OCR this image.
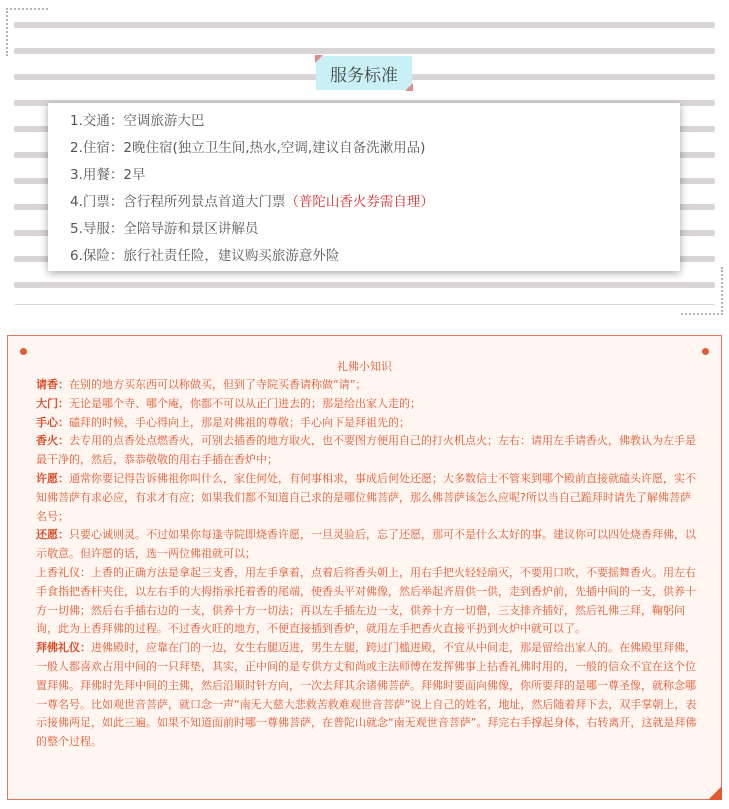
服务标准
1.交通：空调旅游大巴
2.住宿：2晚住宿(独立卫生间,热水,空调,建议自备洗漱用品)
3.用餐：2早
4.门票：含行程所列景点首道大门票（普陀山香火券需自理）
5.导服：全陪导游和景区讲解员
6.保险：旅行社责任险，建议购买旅游意外险
礼佛小知识

请香：在别的地方买东西可以称做买，但到了寺院买香请称做“请”；

大门：无论是哪个寺、哪个庵，你都不可以从正门进去的；那是给出家人走的；

手心：磕拜的时候，手心得向上，那是对佛祖的尊敬；手心向下是拜祖先的；

香火：去专用的点香处点燃香火，可别去插香的地方取火，也不要图方便用自己的打火机点火；左右：请用左手请香火，佛教认为左手是最干净的，然后，恭恭敬敬的用右手插在香炉中；

许愿：通常你要记得告诉佛祖你叫什么，家住何处，有何事相求，事成后何处还愿；大多数信士不管来到哪个殿前直接就磕头许愿，实不知佛菩萨有求必应，有求才有应；如果我们都不知道自己求的是哪位佛菩萨，那么佛菩萨该怎么应呢?所以当自己跪拜时请先了解佛菩萨名号；

还愿：只要心诚则灵。不过如果你每逢寺院即烧香许愿，一旦灵验后，忘了还愿，那可不是什么太好的事。建议你可以四处烧香拜佛，以示敬意。但许愿的话，选一两位佛祖就可以；

上香礼仪：上香的正确方法是拿起三支香，用左手拿着，点着后将香头朝上，用右手把火轻轻扇灭，不要用口吹，不要摇舞香火。用左右手食指把香杆夹住，以左右手的大拇指承托着香的尾端，使香头平对佛像，然后举起齐眉供一供，走到香炉前，先插中间的一支，供养十方一切佛；然后右手插右边的一支，供养十方一切法；再以左手插左边一支，供养十方一切僧，三支排齐插好，然后礼佛三拜，鞠躬问询，此为上香拜佛的过程。不过香火旺的地方，不便直接插到香炉，就用左手把香火直接平扔到火炉中就可以了。

拜佛礼仪：进佛殿时，应靠在门的一边，女生右腿迈进，男生左腿，跨过门槛进殿，不宜从中间走，那是留给出家人的。在佛殿里拜佛，一般人都喜欢占用中间的一只拜垫，其实，正中间的是专供方丈和尚或主法师傅在发挥佛事上拈香礼佛时用的，一般的信众不宜在这个位置拜佛。拜佛时先拜中间的主佛，然后沿顺时针方向，一次去拜其余诸佛菩萨。拜佛时要面向佛像，你所要拜的是哪一尊圣像，就称念哪一尊名号。比如观世音菩萨，就口念一声“南无大慈大悲救苦救难观世音菩萨”说上自己的姓名，地址，然后随着拜下去，双手掌朝上，表示接佛两足，如此三遍。如果不知道面前时哪一尊佛菩萨，在普陀山就念“南无观世音菩萨”。拜完右手撑起身体，右转离开，这就是拜佛的整个过程。
